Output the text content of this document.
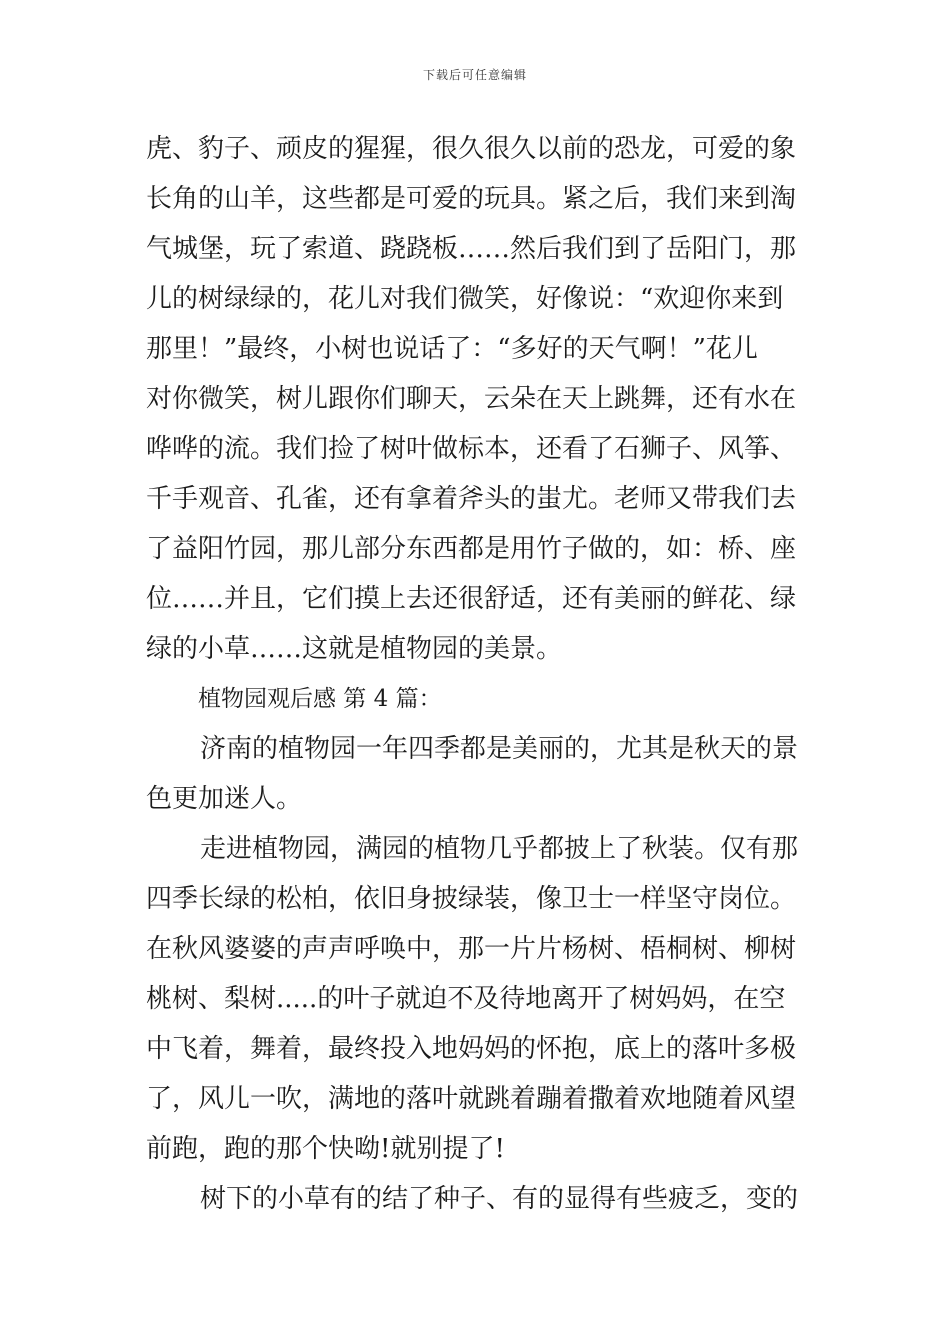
下载后可任意编辑
虎、豹子、顽皮的猩猩，很久很久以前的恐龙，可爱的象
长角的山羊，这些都是可爱的玩具。紧之后，我们来到淘
气城堡，玩了索道、跷跷板……然后我们到了岳阳门，那
儿的树绿绿的，花儿对我们微笑，好像说：“欢迎你来到
那里！”最终，小树也说话了：“多好的天气啊！”花儿
对你微笑，树儿跟你们聊天，云朵在天上跳舞，还有水在
哗哗的流。我们捡了树叶做标本，还看了石狮子、风筝、
千手观音、孔雀，还有拿着斧头的蚩尤。老师又带我们去
了益阳竹园，那儿部分东西都是用竹子做的，如：桥、座
位……并且，它们摸上去还很舒适，还有美丽的鲜花、绿
绿的小草……这就是植物园的美景。
植物园观后感 第 4 篇：
济南的植物园一年四季都是美丽的，尤其是秋天的景
色更加迷人。
走进植物园，满园的植物几乎都披上了秋装。仅有那
四季长绿的松柏，依旧身披绿装，像卫士一样坚守岗位。
在秋风婆婆的声声呼唤中，那一片片杨树、梧桐树、柳树
桃树、梨树.....的叶子就迫不及待地离开了树妈妈，在空
中飞着，舞着，最终投入地妈妈的怀抱，底上的落叶多极
了，风儿一吹，满地的落叶就跳着蹦着撒着欢地随着风望
前跑，跑的那个快呦!就别提了!
树下的小草有的结了种子、有的显得有些疲乏，变的
